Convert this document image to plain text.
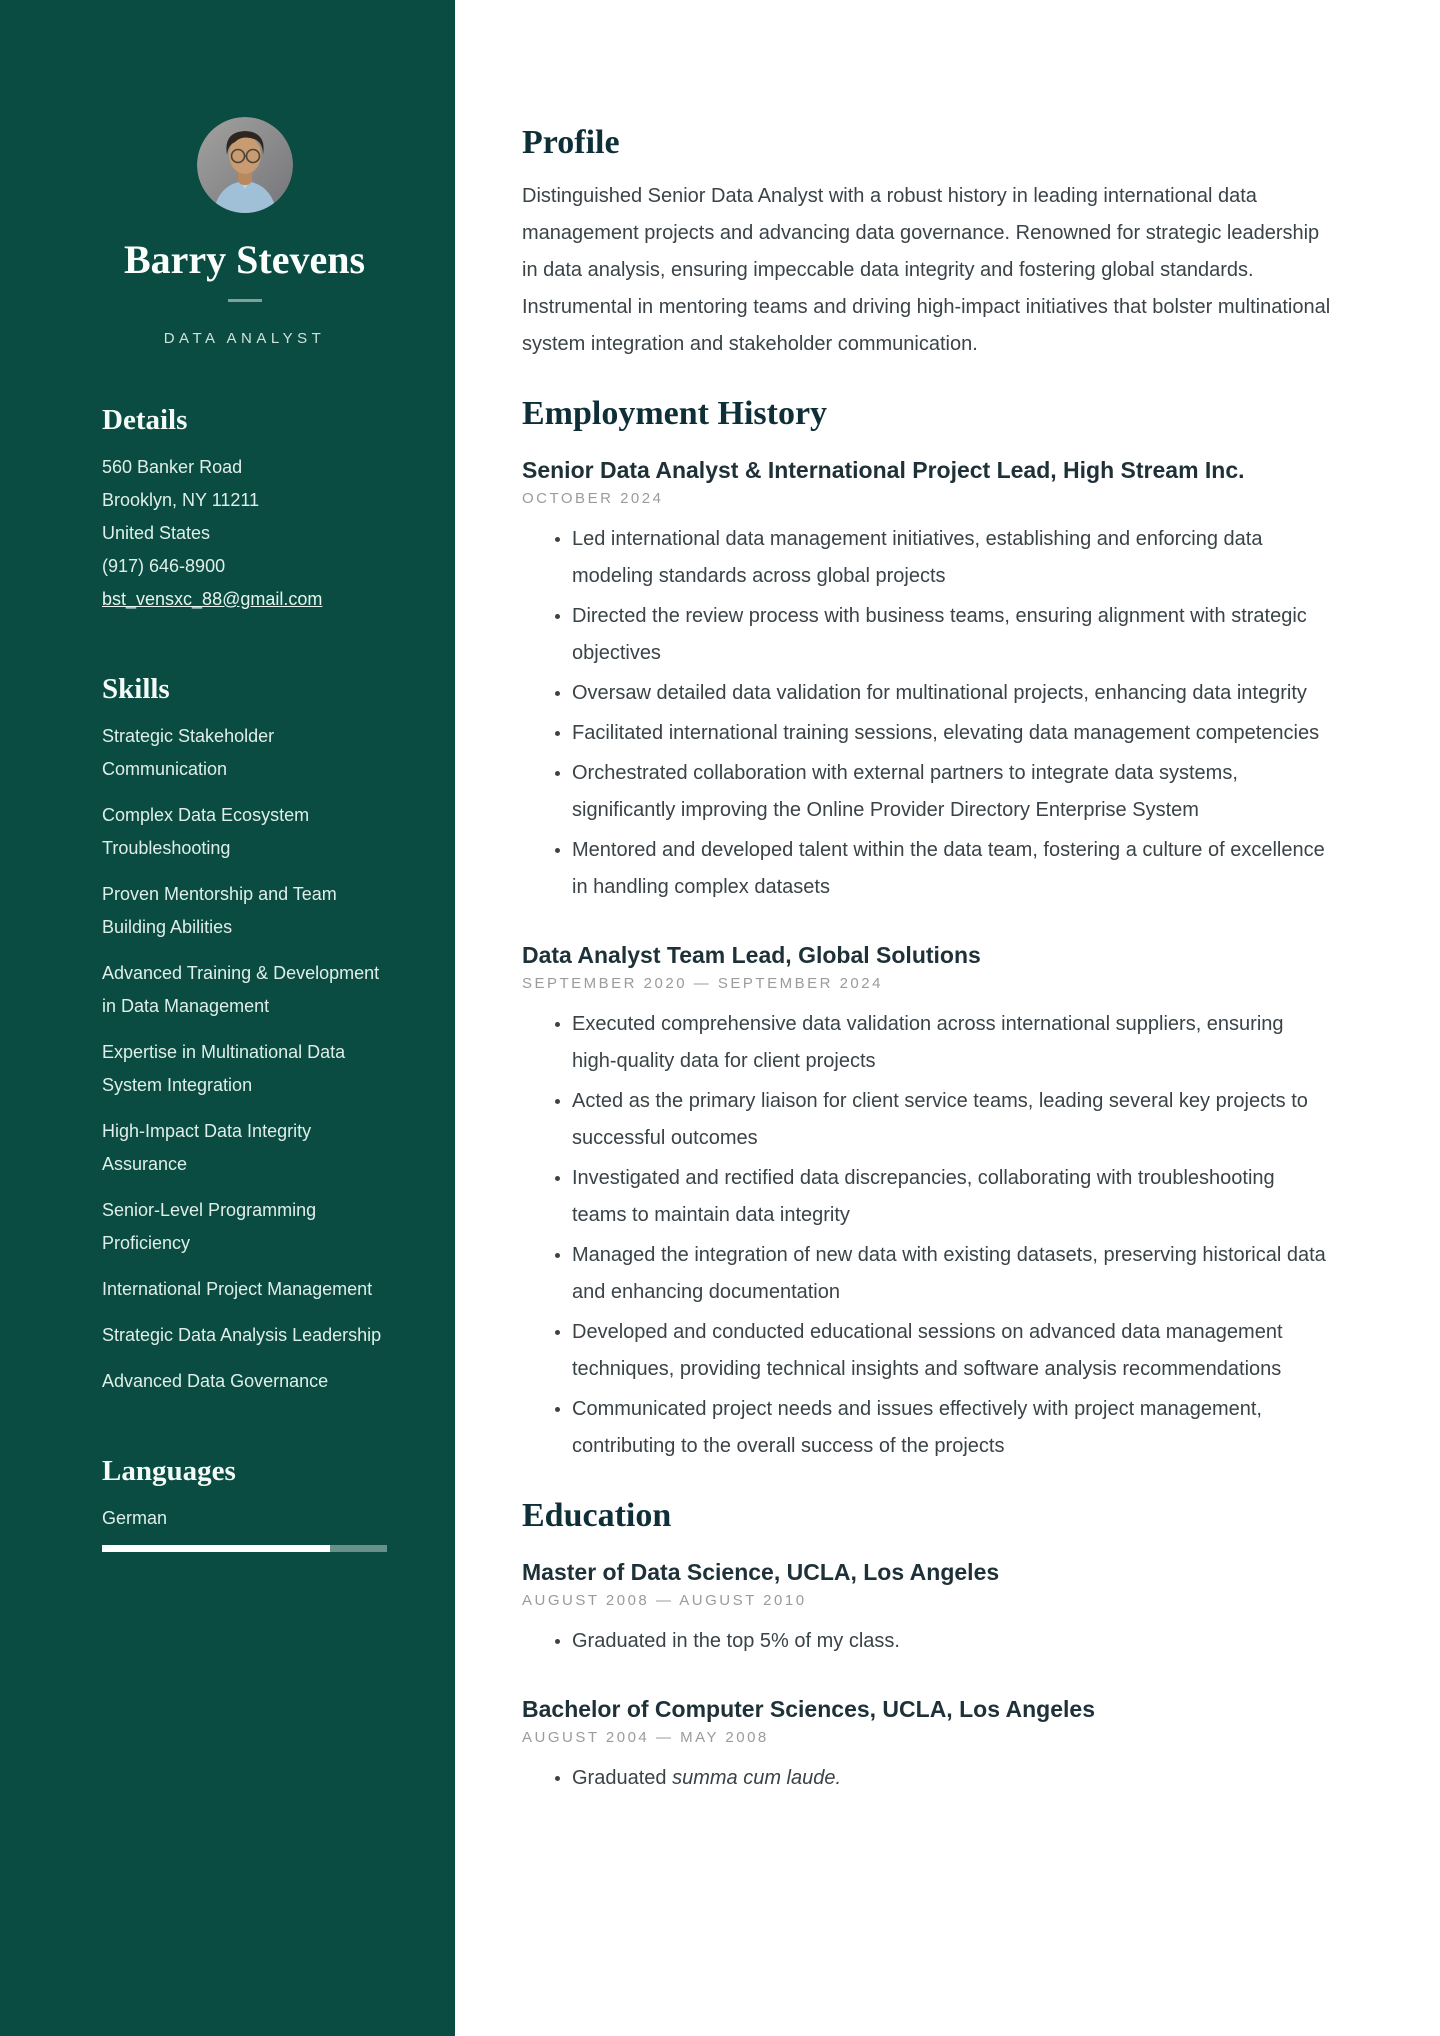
Barry Stevens
DATA ANALYST
Details
560 Banker Road
Brooklyn, NY 11211
United States
(917) 646-8900
bst_vensxc_88@gmail.com
Skills

Strategic Stakeholder Communication

Complex Data Ecosystem Troubleshooting

Proven Mentorship and Team Building Abilities

Advanced Training & Development in Data Management

Expertise in Multinational Data System Integration

High-Impact Data Integrity Assurance

Senior-Level Programming Proficiency

International Project Management

Strategic Data Analysis Leadership

Advanced Data Governance

Languages
German
Profile

Distinguished Senior Data Analyst with a robust history in leading international data management projects and advancing data governance. Renowned for strategic leadership in data analysis, ensuring impeccable data integrity and fostering global standards. Instrumental in mentoring teams and driving high-impact initiatives that bolster multinational system integration and stakeholder communication.

Employment History
Senior Data Analyst & International Project Lead, High Stream Inc.
OCTOBER 2024
• Led international data management initiatives, establishing and enforcing data modeling standards across global projects
• Directed the review process with business teams, ensuring alignment with strategic objectives
• Oversaw detailed data validation for multinational projects, enhancing data integrity
• Facilitated international training sessions, elevating data management competencies
• Orchestrated collaboration with external partners to integrate data systems, significantly improving the Online Provider Directory Enterprise System
• Mentored and developed talent within the data team, fostering a culture of excellence in handling complex datasets
Data Analyst Team Lead, Global Solutions
SEPTEMBER 2020 — SEPTEMBER 2024
• Executed comprehensive data validation across international suppliers, ensuring high-quality data for client projects
• Acted as the primary liaison for client service teams, leading several key projects to successful outcomes
• Investigated and rectified data discrepancies, collaborating with troubleshooting teams to maintain data integrity
• Managed the integration of new data with existing datasets, preserving historical data and enhancing documentation
• Developed and conducted educational sessions on advanced data management techniques, providing technical insights and software analysis recommendations
• Communicated project needs and issues effectively with project management, contributing to the overall success of the projects
Education
Master of Data Science, UCLA, Los Angeles
AUGUST 2008 — AUGUST 2010
• Graduated in the top 5% of my class.
Bachelor of Computer Sciences, UCLA, Los Angeles
AUGUST 2004 — MAY 2008
• Graduated summa cum laude.
